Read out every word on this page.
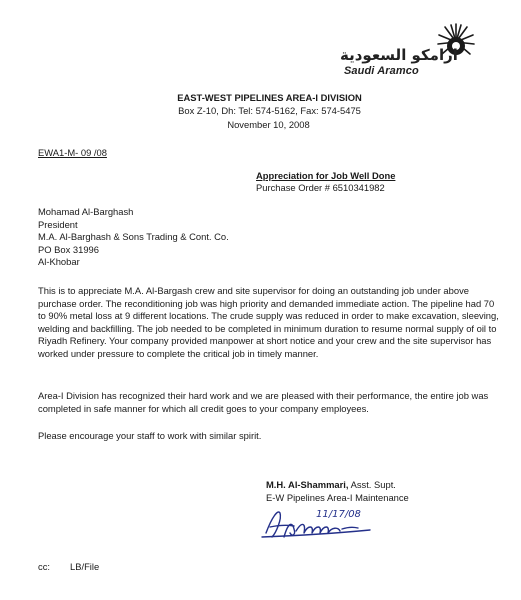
ارامكو السعودية
Saudi Aramco
EAST-WEST PIPELINES AREA-I DIVISION
Box Z-10, Dh: Tel: 574-5162, Fax: 574-5475
November 10, 2008
EWA1-M- 09 /08
Appreciation for Job Well Done
Purchase Order # 6510341982
Mohamad Al-Barghash
President
M.A. Al-Barghash & Sons Trading & Cont. Co.
PO Box 31996
Al-Khobar

This is to appreciate M.A. Al-Bargash crew and site supervisor for doing an outstanding job under above purchase order. The reconditioning job was high priority and demanded immediate action. The pipeline had 70 to 90% metal loss at 9 different locations. The crude supply was reduced in order to make excavation, sleeving, welding and backfilling. The job needed to be completed in minimum duration to resume normal supply of oil to Riyadh Refinery. Your company provided manpower at short notice and your crew and the site supervisor has worked under pressure to complete the critical job in timely manner.

Area-I Division has recognized their hard work and we are pleased with their performance, the entire job was completed in safe manner for which all credit goes to your company employees.

Please encourage your staff to work with similar spirit.

M.H. Al-Shammari, Asst. Supt.
E-W Pipelines Area-I Maintenance
11/17/08
cc: LB/File
